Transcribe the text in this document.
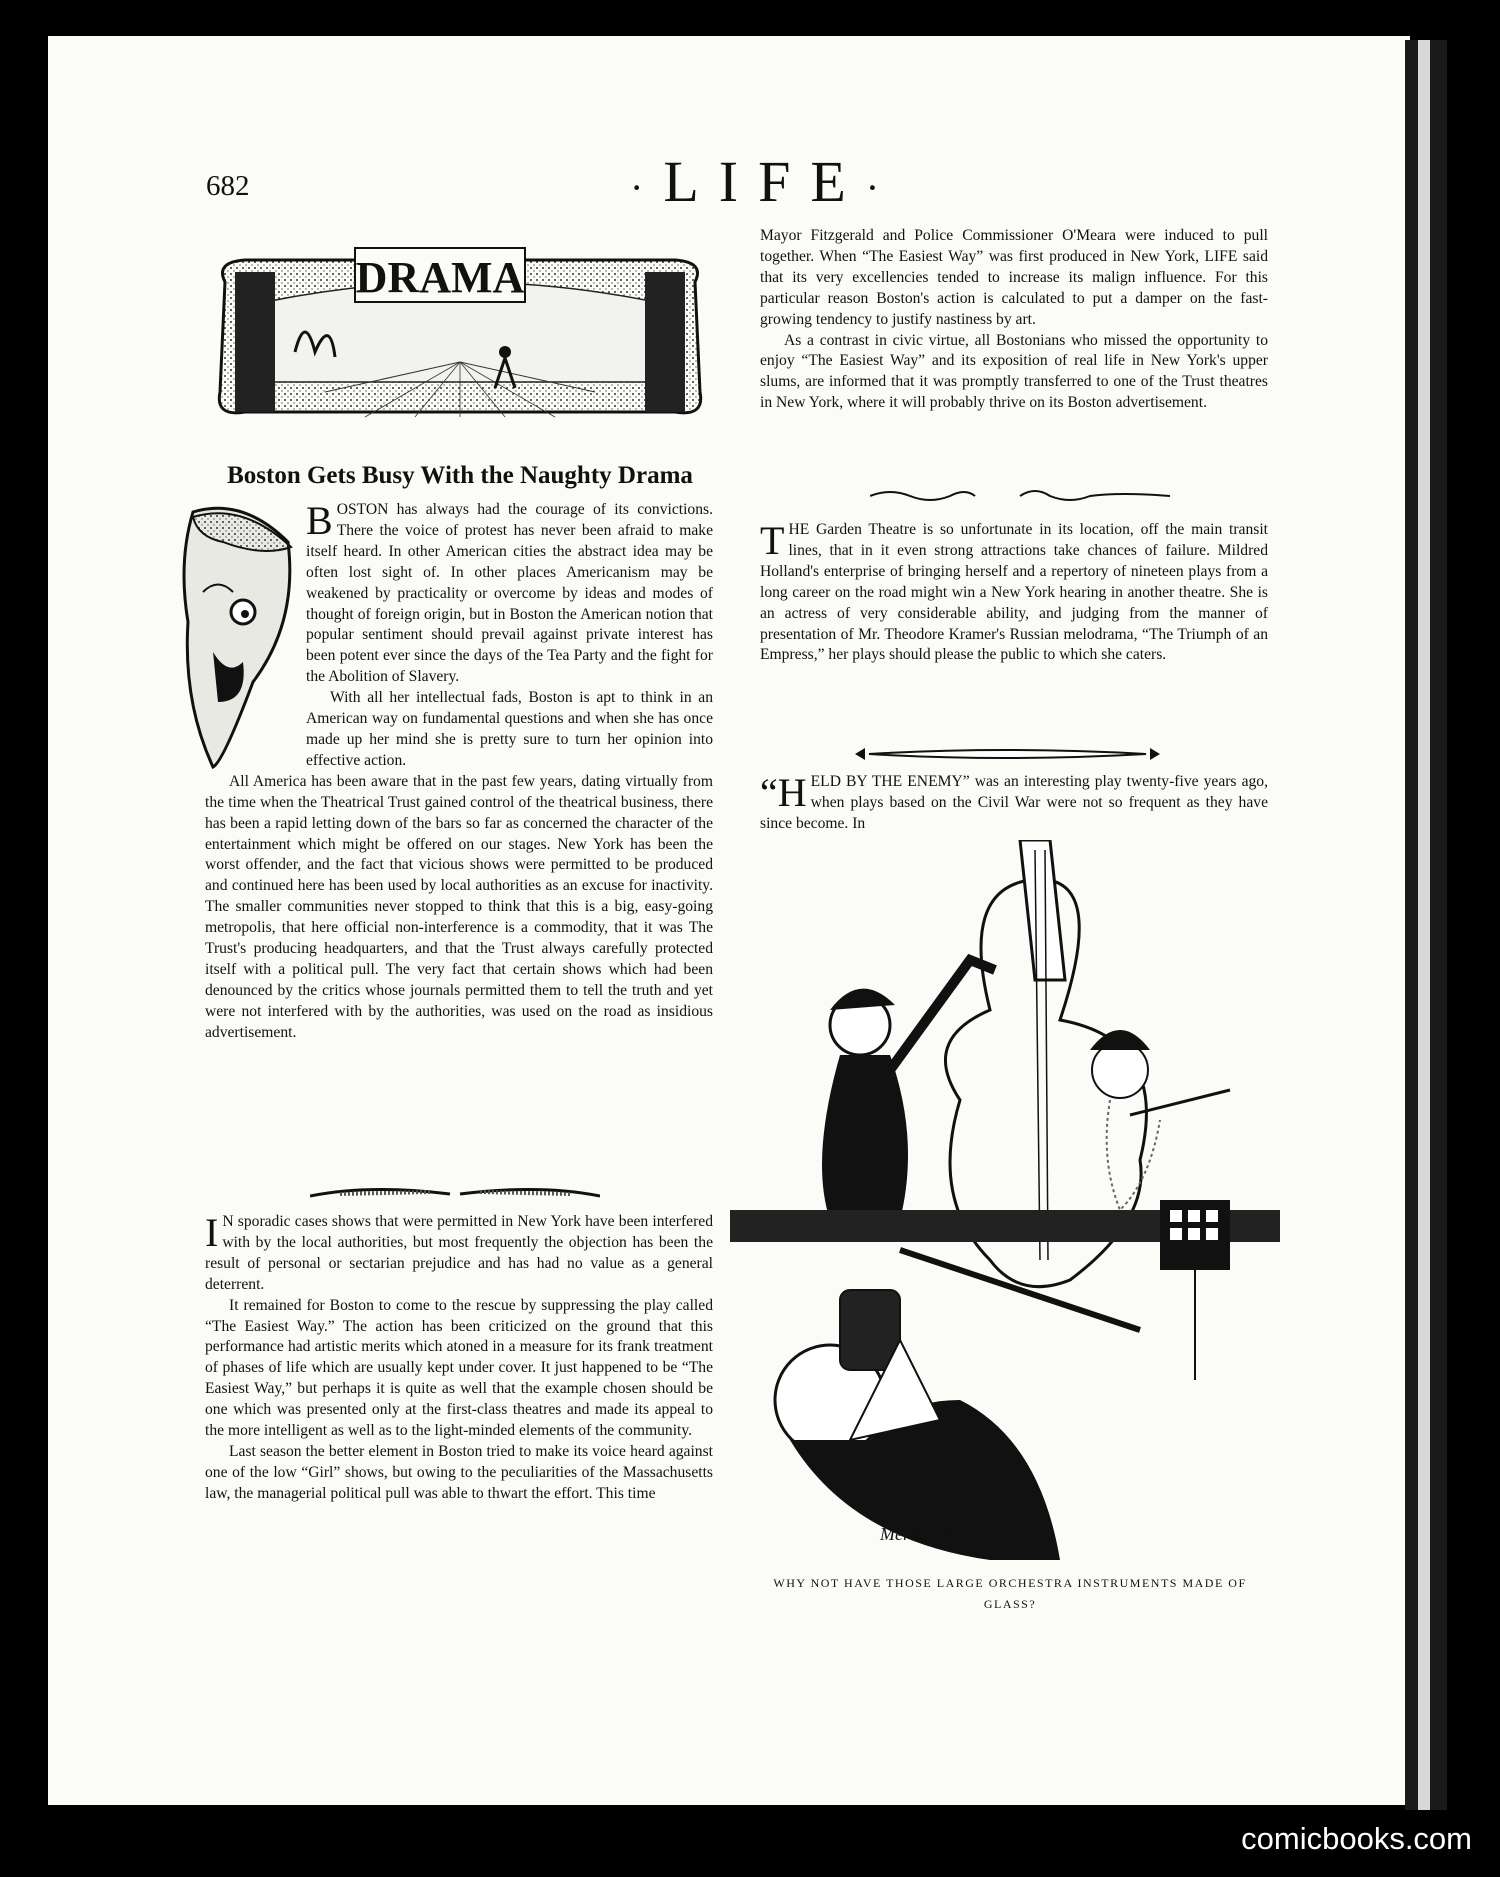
682	·LIFE·
DRAMA
Boston Gets Busy With the Naughty Drama
B OSTON has always had the courage of its convictions. There the voice of protest has never been afraid to make itself heard. In other American cities the abstract idea may be often lost sight of. In other places Americanism may be weakened by practicality or overcome by ideas and modes of thought of foreign origin, but in Boston the American notion that popular sentiment should prevail against private interest has been potent ever since the days of the Tea Party and the fight for the Abolition of Slavery.

With all her intellectual fads, Boston is apt to think in an American way on fundamental questions and when she has once made up her mind she is pretty sure to turn her opinion into effective action.

All America has been aware that in the past few years, dating virtually from the time when the Theatrical Trust gained control of the theatrical business, there has been a rapid letting down of the bars so far as concerned the character of the entertainment which might be offered on our stages. New York has been the worst offender, and the fact that vicious shows were permitted to be produced and continued here has been used by local authorities as an excuse for inactivity. The smaller communities never stopped to think that this is a big, easy-going metropolis, that here official non-interference is a commodity, that it was The Trust's producing headquarters, and that the Trust always carefully protected itself with a political pull. The very fact that certain shows which had been denounced by the critics whose journals permitted them to tell the truth and yet were not interfered with by the authorities, was used on the road as insidious advertisement.

I N sporadic cases shows that were permitted in New York have been interfered with by the local authorities, but most frequently the objection has been the result of personal or sectarian prejudice and has had no value as a general deterrent.

It remained for Boston to come to the rescue by suppressing the play called “The Easiest Way.” The action has been criticized on the ground that this performance had artistic merits which atoned in a measure for its frank treatment of phases of life which are usually kept under cover. It just happened to be “The Easiest Way,” but perhaps it is quite as well that the example chosen should be one which was presented only at the first-class theatres and made its appeal to the more intelligent as well as to the light-minded elements of the community.

Last season the better element in Boston tried to make its voice heard against one of the low “Girl” shows, but owing to the peculiarities of the Massachusetts law, the managerial political pull was able to thwart the effort. This time

Mayor Fitzgerald and Police Commissioner O'Meara were induced to pull together. When “The Easiest Way” was first produced in New York, LIFE said that its very excellencies tended to increase its malign influence. For this particular reason Boston's action is calculated to put a damper on the fast-growing tendency to justify nastiness by art.

As a contrast in civic virtue, all Bostonians who missed the opportunity to enjoy “The Easiest Way” and its exposition of real life in New York's upper slums, are informed that it was promptly transferred to one of the Trust theatres in New York, where it will probably thrive on its Boston advertisement.

T HE Garden Theatre is so unfortunate in its location, off the main transit lines, that in it even strong attractions take chances of failure. Mildred Holland's enterprise of bringing herself and a repertory of nineteen plays from a long career on the road might win a New York hearing in another theatre. She is an actress of very considerable ability, and judging from the manner of presentation of Mr. Theodore Kramer's Russian melodrama, “The Triumph of an Empress,” her plays should please the public to which she caters.

“H ELD BY THE ENEMY” was an interesting play twenty-five years ago, when plays based on the Civil War were not so frequent as they have since become. In

Merle Johnson
WHY NOT HAVE THOSE LARGE ORCHESTRA INSTRUMENTS MADE OF GLASS?
comicbooks.com
